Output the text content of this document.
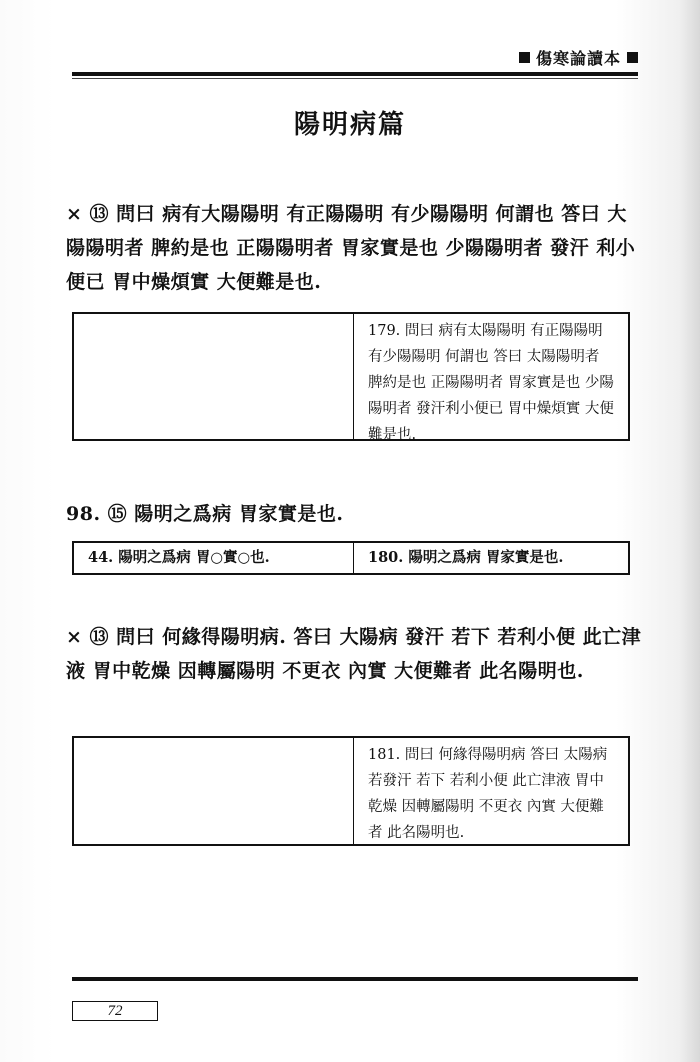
傷寒論讀本
陽明病篇
× ⑬ 問曰 病有大陽陽明 有正陽陽明 有少陽陽明 何謂也 答曰 大陽陽明者 脾約是也 正陽陽明者 胃家實是也 少陽陽明者 發汗 利小便已 胃中燥煩實 大便難是也.
179. 問曰 病有太陽陽明 有正陽陽明 有少陽陽明 何謂也 答曰 太陽陽明者 脾約是也 正陽陽明者 胃家實是也 少陽陽明者 發汗利小便已 胃中燥煩實 大便難是也.
98. ⑮ 陽明之爲病 胃家實是也.
44. 陽明之爲病 胃○實○也.	180. 陽明之爲病 胃家實是也.
× ⑬ 問曰 何緣得陽明病. 答曰 大陽病 發汗 若下 若利小便 此亡津液 胃中乾燥 因轉屬陽明 不更衣 內實 大便難者 此名陽明也.
181. 問曰 何緣得陽明病 答曰 太陽病 若發汗 若下 若利小便 此亡津液 胃中乾燥 因轉屬陽明 不更衣 內實 大便難者 此名陽明也.
72
